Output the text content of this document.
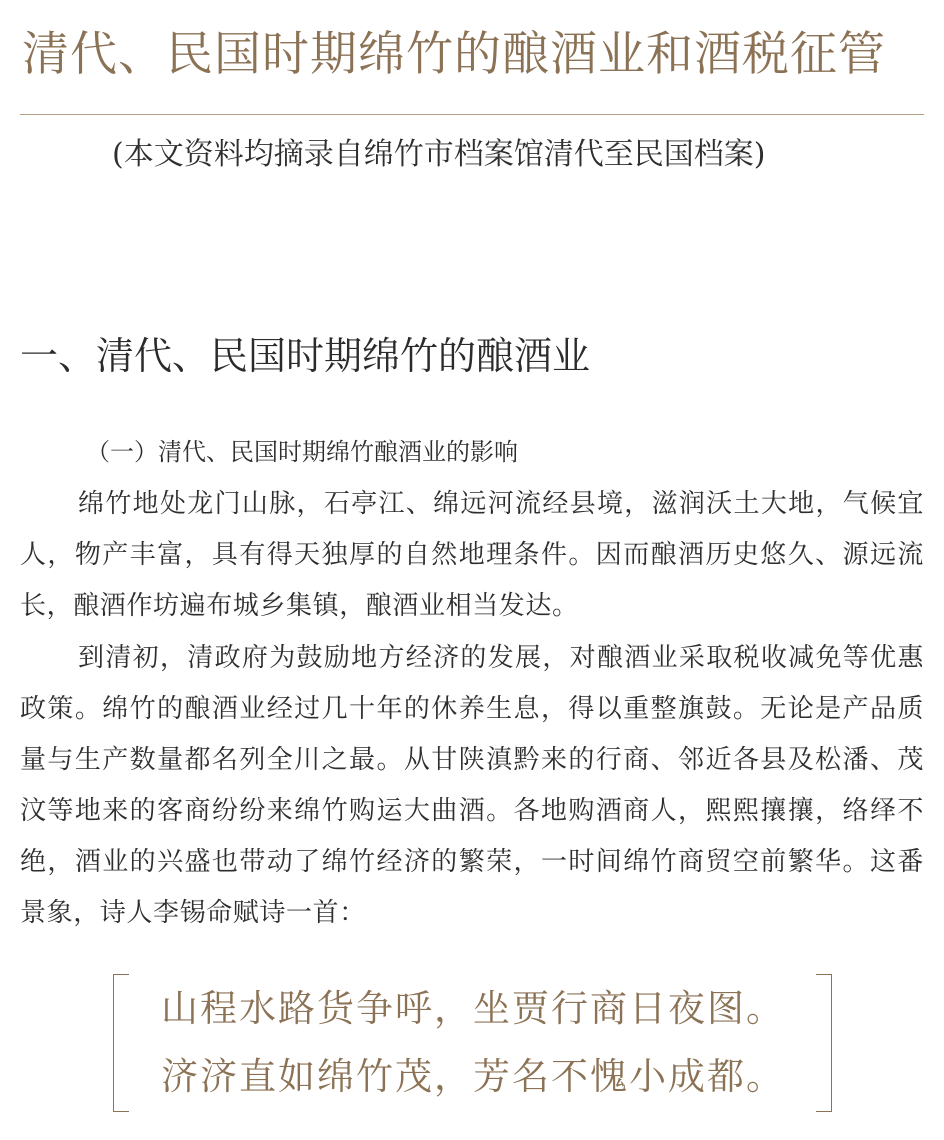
清代、民国时期绵竹的酿酒业和酒税征管
(本文资料均摘录自绵竹市档案馆清代至民国档案)
一、清代、民国时期绵竹的酿酒业
（一）清代、民国时期绵竹酿酒业的影响

绵竹地处龙门山脉，石亭江、绵远河流经县境，滋润沃土大地，气候宜人，物产丰富，具有得天独厚的自然地理条件。因而酿酒历史悠久、源远流长，酿酒作坊遍布城乡集镇，酿酒业相当发达。

到清初，清政府为鼓励地方经济的发展，对酿酒业采取税收减免等优惠政策。绵竹的酿酒业经过几十年的休养生息，得以重整旗鼓。无论是产品质量与生产数量都名列全川之最。从甘陕滇黔来的行商、邻近各县及松潘、茂汶等地来的客商纷纷来绵竹购运大曲酒。各地购酒商人，熙熙攘攘，络绎不绝，酒业的兴盛也带动了绵竹经济的繁荣，一时间绵竹商贸空前繁华。这番景象，诗人李锡命赋诗一首：

山程水路货争呼，坐贾行商日夜图。
济济直如绵竹茂，芳名不愧小成都。
